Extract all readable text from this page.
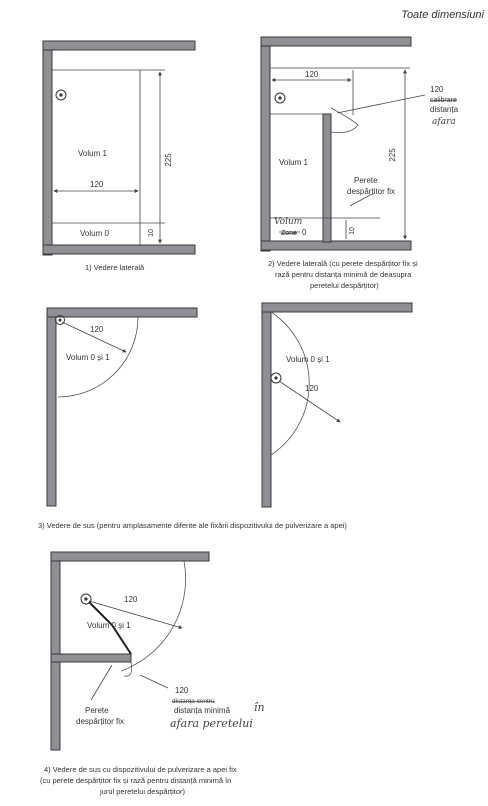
Toate dimensiuni
Volum 1
120
225
Volum 0	10
1) Vedere laterală
120
225
10
Volum 1
Volum
Zone 0
Perete
despărțitor fix
120
calibrare
distanța
afara
2) Vedere laterală (cu perete despărțitor fix și
rază pentru distanța minimă de deasupra
peretelui despărțitor)
120
Volum 0 și 1
120
Volum 0 și 1
3) Vedere de sus (pentru amplasamente diferite ale fixării dispozitivului de pulverizare a apei)
120
Volum 0 și 1
Perete
despărțitor fix
120
distanța centru
distanța minimă în
afara peretelui
4) Vedere de sus cu dispozitivului de pulverizare a apei fix
(cu perete despărțitor fix și rază pentru distanță minimă în
jurul peretelui despărțitor)
